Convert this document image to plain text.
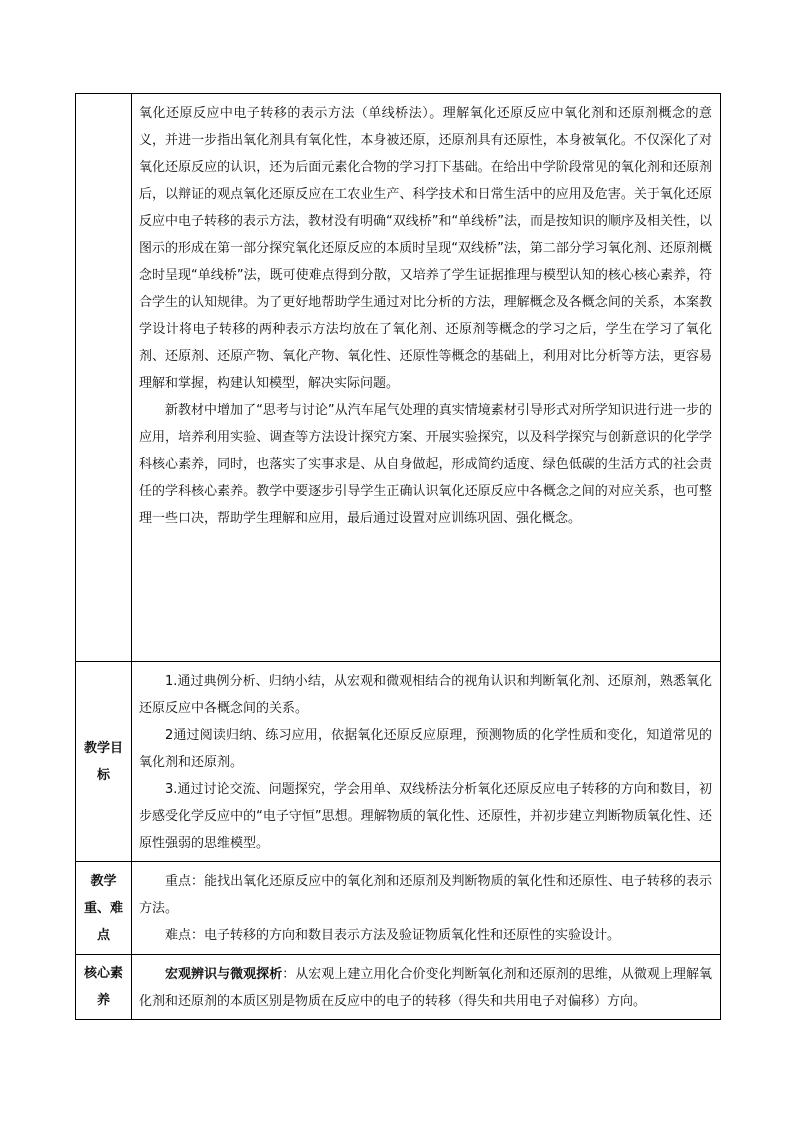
	氧化还原反应中电子转移的表示方法（单线桥法）。理解氧化还原反应中氧化剂和还原剂概念的意义，并进一步指出氧化剂具有氧化性，本身被还原，还原剂具有还原性，本身被氧化。不仅深化了对氧化还原反应的认识，还为后面元素化合物的学习打下基础。在给出中学阶段常见的氧化剂和还原剂后，以辩证的观点氧化还原反应在工农业生产、科学技术和日常生活中的应用及危害。关于氧化还原反应中电子转移的表示方法，教材没有明确“双线桥”和“单线桥”法，而是按知识的顺序及相关性，以图示的形成在第一部分探究氧化还原反应的本质时呈现“双线桥”法，第二部分学习氧化剂、还原剂概念时呈现“单线桥”法，既可使难点得到分散，又培养了学生证据推理与模型认知的核心核心素养，符合学生的认知规律。为了更好地帮助学生通过对比分析的方法，理解概念及各概念间的关系，本案教学设计将电子转移的两种表示方法均放在了氧化剂、还原剂等概念的学习之后，学生在学习了氧化剂、还原剂、还原产物、氧化产物、氧化性、还原性等概念的基础上，利用对比分析等方法，更容易理解和掌握，构建认知模型，解决实际问题。

新教材中增加了“思考与讨论”从汽车尾气处理的真实情境素材引导形式对所学知识进行进一步的应用，培养利用实验、调查等方法设计探究方案、开展实验探究，以及科学探究与创新意识的化学学科核心素养，同时，也落实了实事求是、从自身做起，形成简约适度、绿色低碳的生活方式的社会责任的学科核心素养。教学中要逐步引导学生正确认识氧化还原反应中各概念之间的对应关系，也可整理一些口决，帮助学生理解和应用，最后通过设置对应训练巩固、强化概念。

教学目标	1.通过典例分析、归纳小结，从宏观和微观相结合的视角认识和判断氧化剂、还原剂，熟悉氧化还原反应中各概念间的关系。

2通过阅读归纳、练习应用，依据氧化还原反应原理，预测物质的化学性质和变化，知道常见的氧化剂和还原剂。

3.通过讨论交流、问题探究，学会用单、双线桥法分析氧化还原反应电子转移的方向和数目，初步感受化学反应中的“电子守恒”思想。理解物质的氧化性、还原性，并初步建立判断物质氧化性、还原性强弱的思维模型。

教学重、难点	重点：能找出氧化还原反应中的氧化剂和还原剂及判断物质的氧化性和还原性、电子转移的表示方法。

难点：电子转移的方向和数目表示方法及验证物质氧化性和还原性的实验设计。

核心素养	宏观辨识与微观探析：从宏观上建立用化合价变化判断氧化剂和还原剂的思维，从微观上理解氧化剂和还原剂的本质区别是物质在反应中的电子的转移（得失和共用电子对偏移）方向。
